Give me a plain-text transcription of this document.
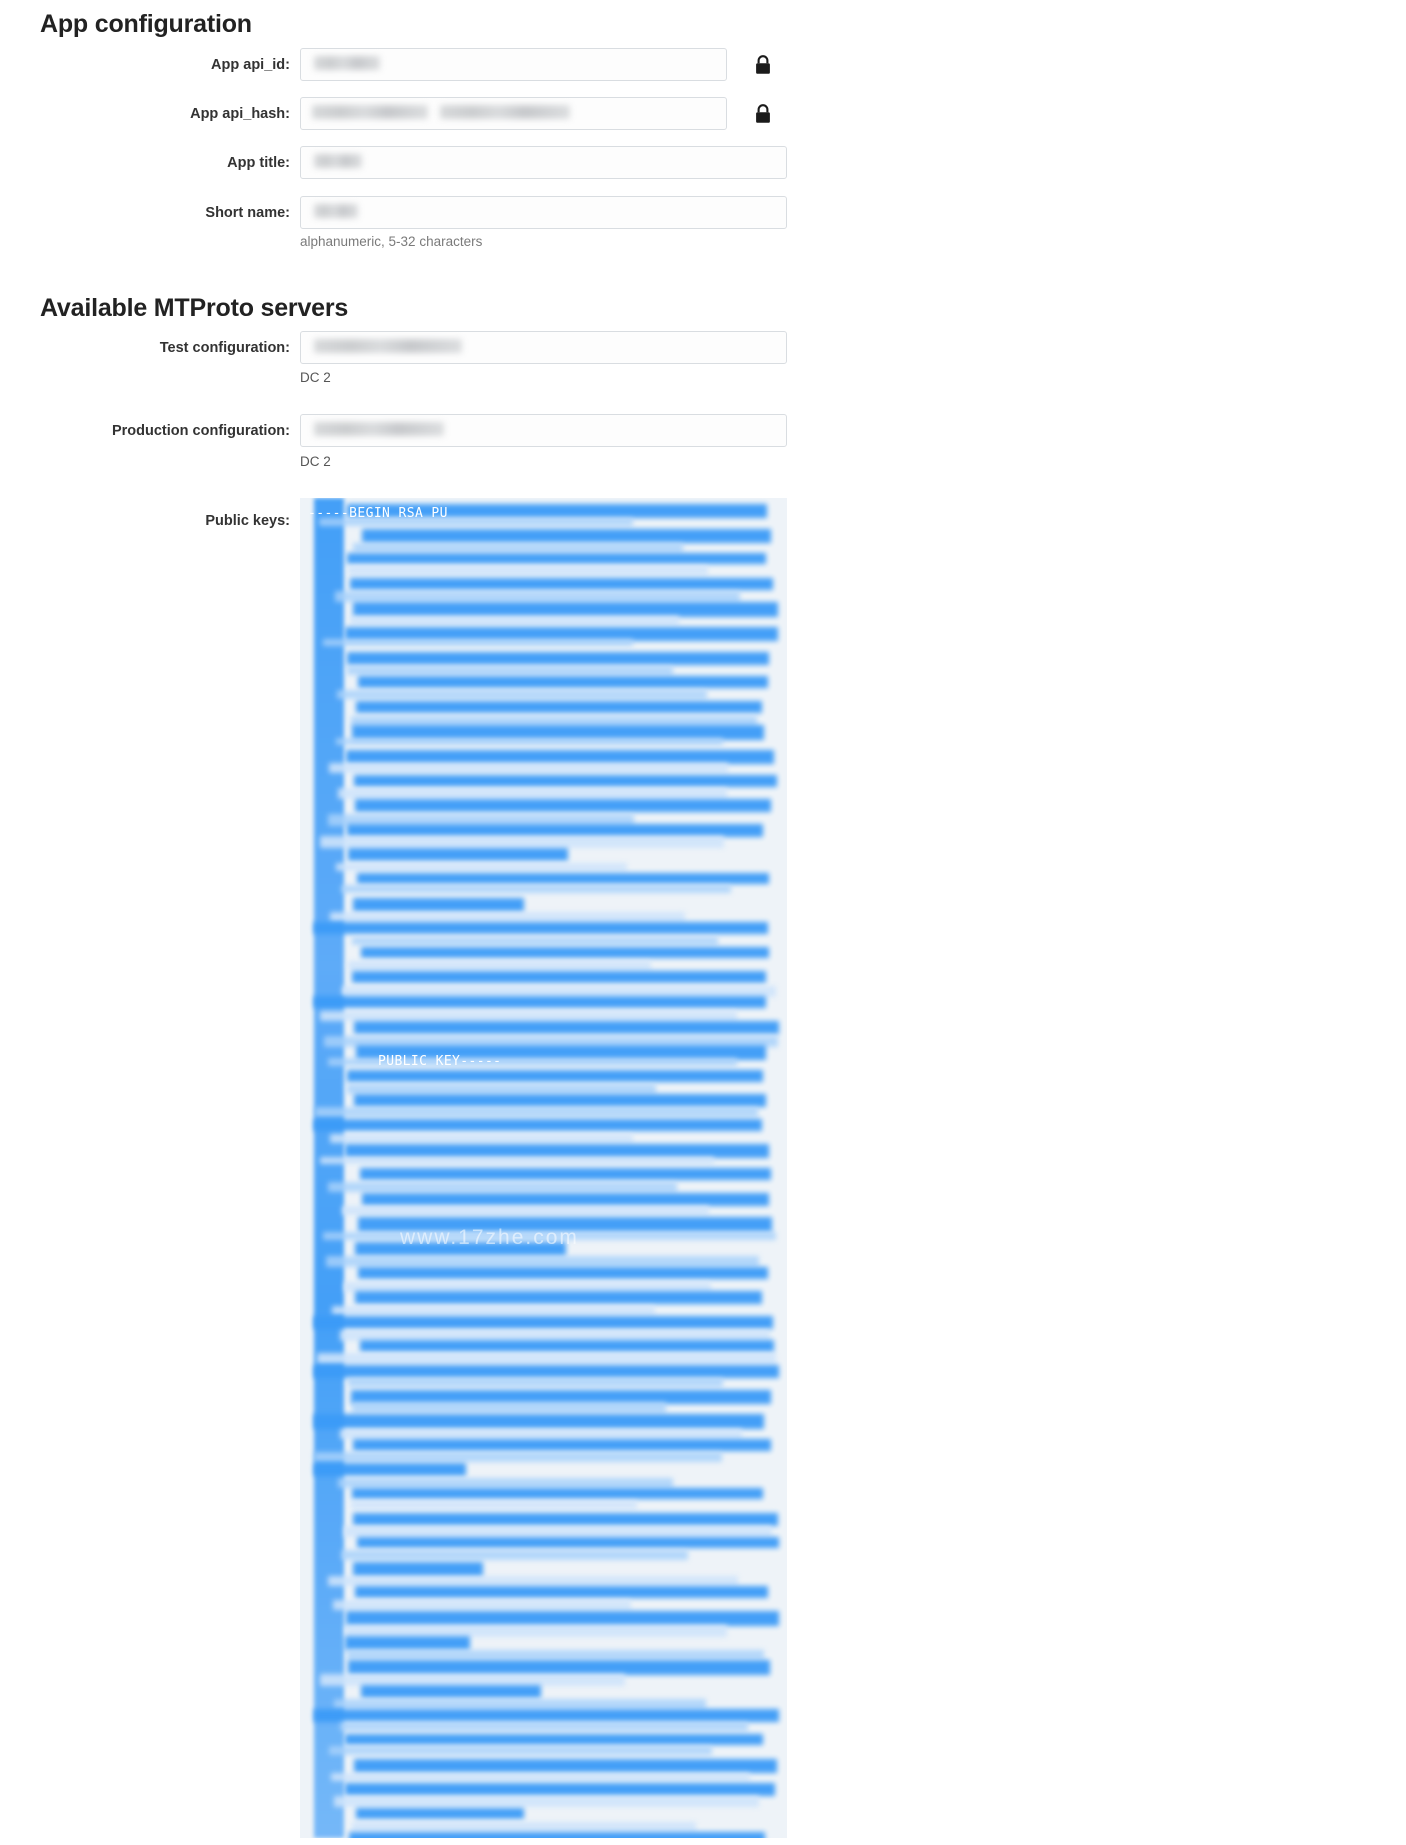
App configuration
App api_id:
App api_hash:
App title:
Short name:
alphanumeric, 5-32 characters
Available MTProto servers
Test configuration:
DC 2
Production configuration:
DC 2
Public keys: -----BEGIN RSA PU
PUBLIC KEY-----
www.17zhe.com
